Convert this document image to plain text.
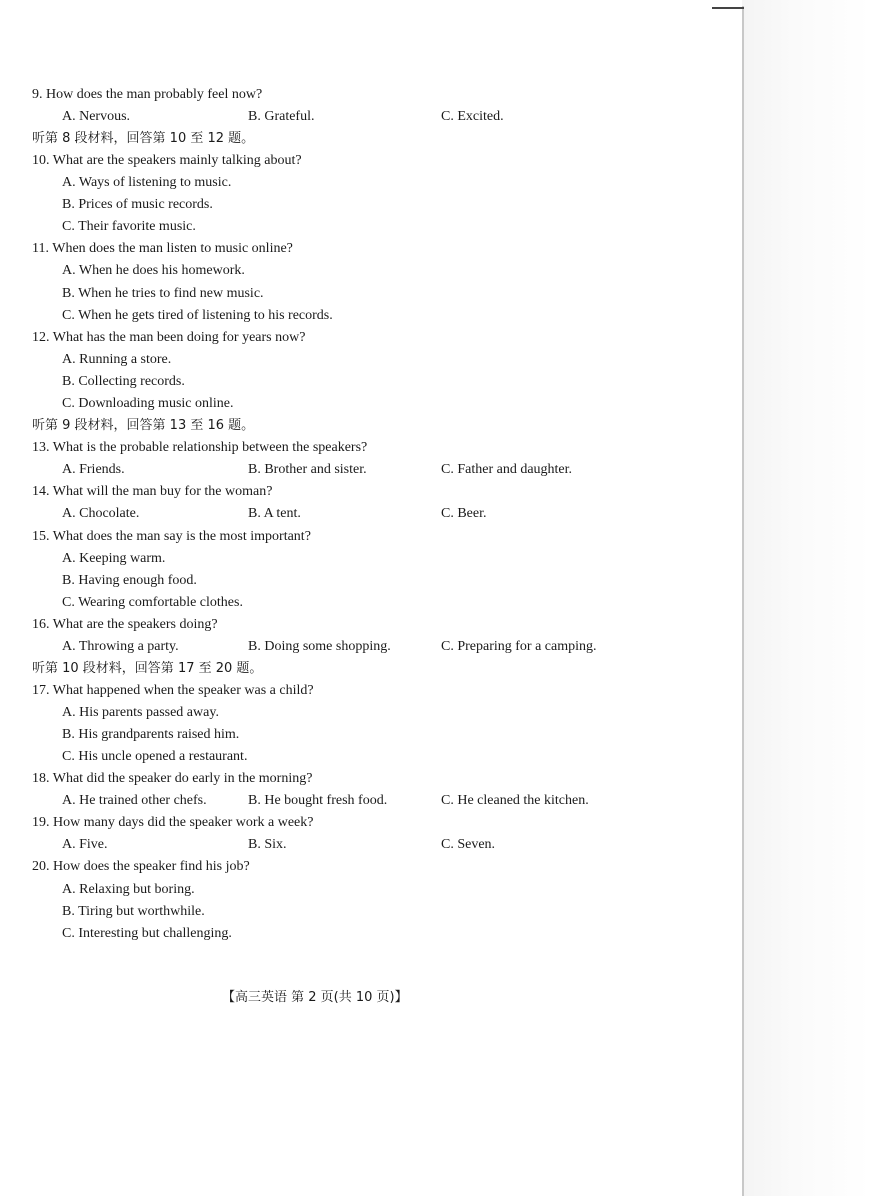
9. How does the man probably feel now?
A. Nervous.	B. Grateful.	C. Excited.
听第 8 段材料，回答第 10 至 12 题。
10. What are the speakers mainly talking about?
A. Ways of listening to music.
B. Prices of music records.
C. Their favorite music.
11. When does the man listen to music online?
A. When he does his homework.
B. When he tries to find new music.
C. When he gets tired of listening to his records.
12. What has the man been doing for years now?
A. Running a store.
B. Collecting records.
C. Downloading music online.
听第 9 段材料，回答第 13 至 16 题。
13. What is the probable relationship between the speakers?
A. Friends.	B. Brother and sister.	C. Father and daughter.
14. What will the man buy for the woman?
A. Chocolate.	B. A tent.	C. Beer.
15. What does the man say is the most important?
A. Keeping warm.
B. Having enough food.
C. Wearing comfortable clothes.
16. What are the speakers doing?
A. Throwing a party.	B. Doing some shopping.	C. Preparing for a camping.
听第 10 段材料，回答第 17 至 20 题。
17. What happened when the speaker was a child?
A. His parents passed away.
B. His grandparents raised him.
C. His uncle opened a restaurant.
18. What did the speaker do early in the morning?
A. He trained other chefs.	B. He bought fresh food.	C. He cleaned the kitchen.
19. How many days did the speaker work a week?
A. Five.	B. Six.	C. Seven.
20. How does the speaker find his job?
A. Relaxing but boring.
B. Tiring but worthwhile.
C. Interesting but challenging.
【高三英语 第 2 页(共 10 页)】
